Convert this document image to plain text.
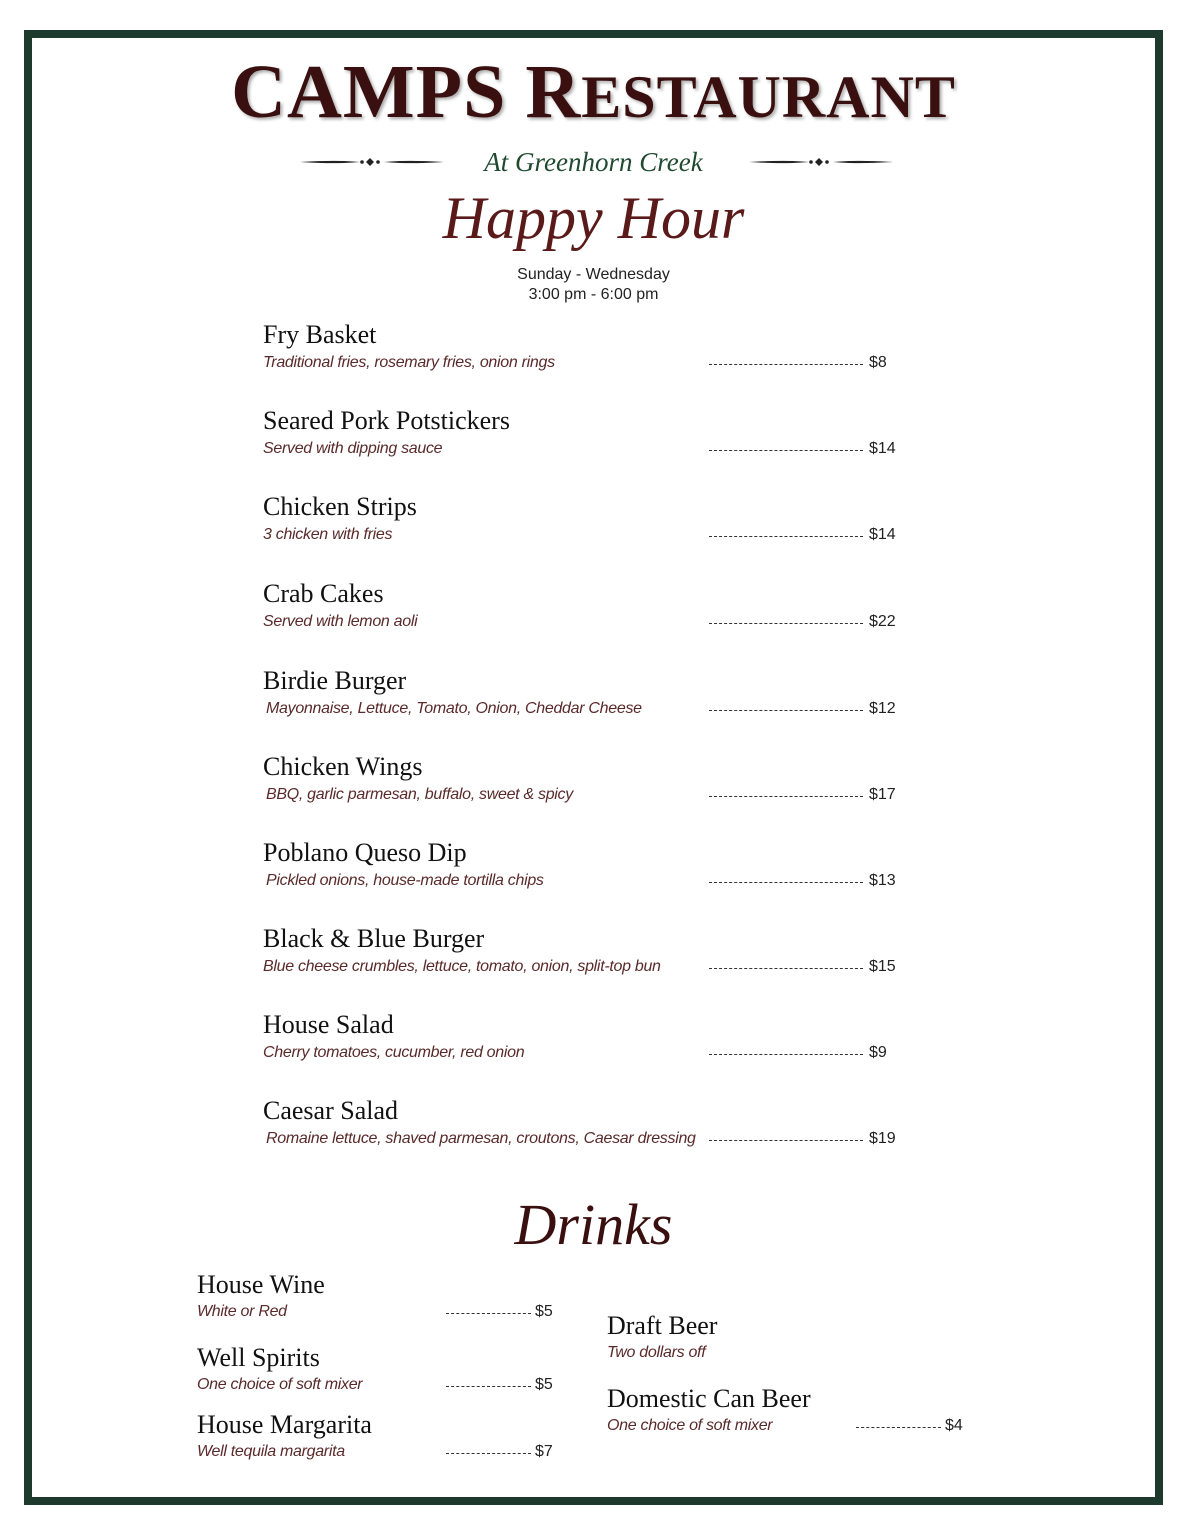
CAMPS RESTAURANT
At Greenhorn Creek
Happy Hour
Sunday - Wednesday
3:00 pm - 6:00 pm
Fry Basket
Traditional fries, rosemary fries, onion rings	$8
Seared Pork Potstickers
Served with dipping sauce	$14
Chicken Strips
3 chicken with fries	$14
Crab Cakes
Served with lemon aoli	$22
Birdie Burger
Mayonnaise, Lettuce, Tomato, Onion, Cheddar Cheese	$12
Chicken Wings
BBQ, garlic parmesan, buffalo, sweet & spicy	$17
Poblano Queso Dip
Pickled onions, house-made tortilla chips	$13
Black & Blue Burger
Blue cheese crumbles, lettuce, tomato, onion, split-top bun	$15
House Salad
Cherry tomatoes, cucumber, red onion	$9
Caesar Salad
Romaine lettuce, shaved parmesan, croutons, Caesar dressing	$19
Drinks
House Wine
White or Red	$5
Well Spirits
One choice of soft mixer	$5
House Margarita
Well tequila margarita	$7
Draft Beer
Two dollars off
Domestic Can Beer
One choice of soft mixer	$4
